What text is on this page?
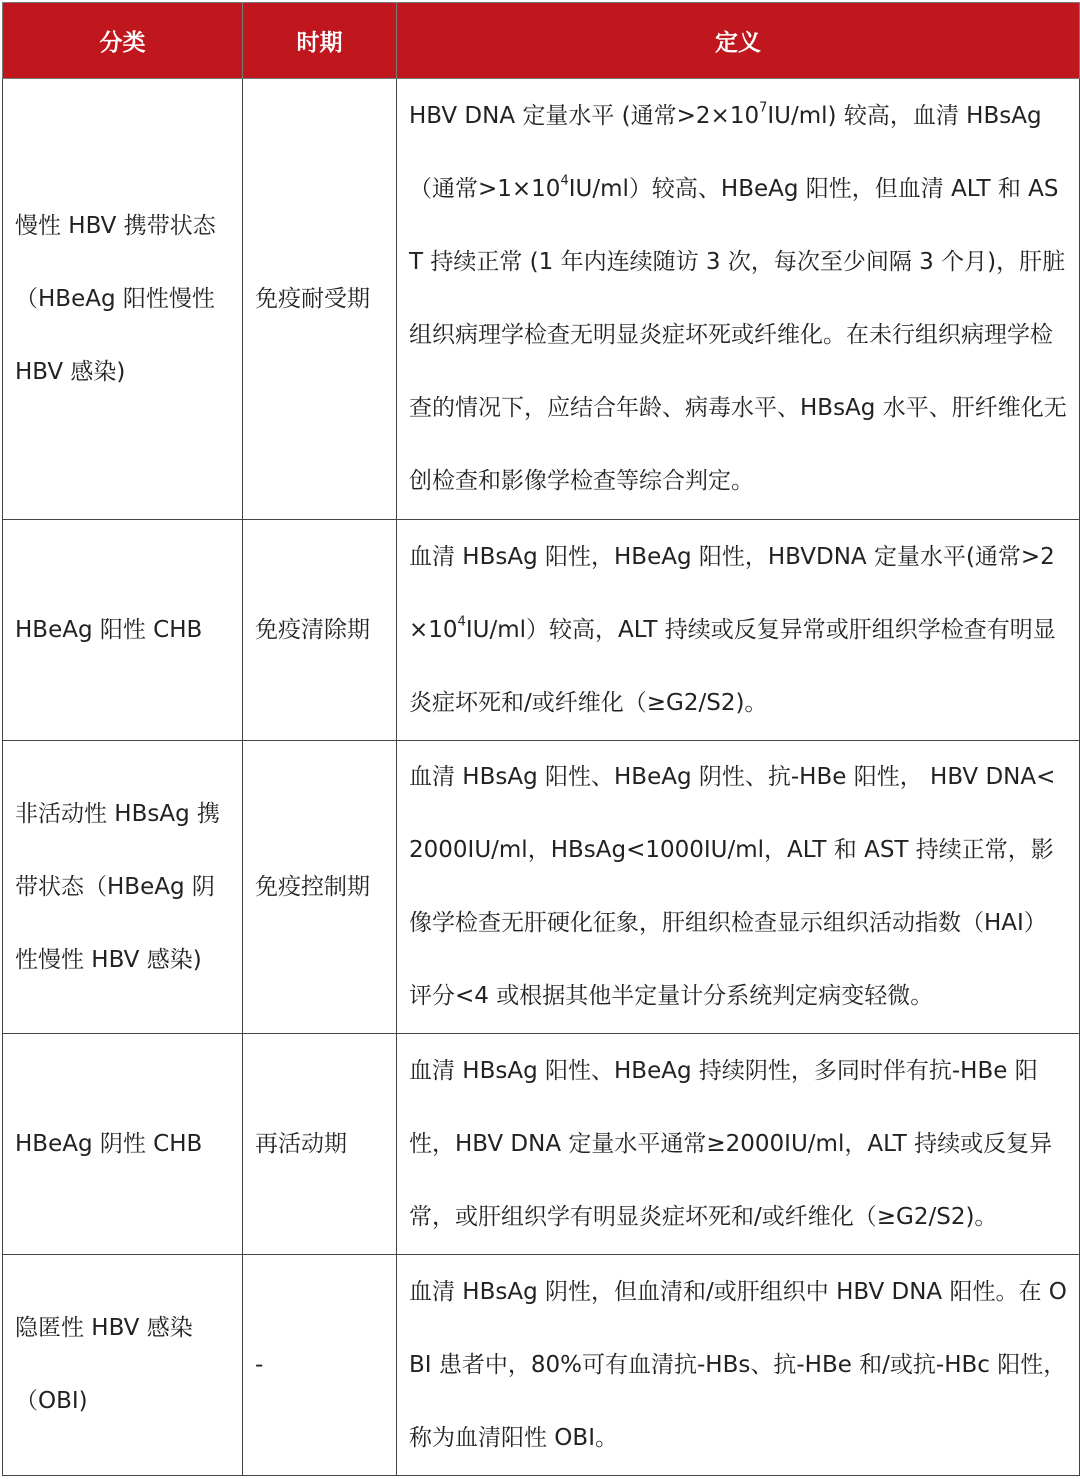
分类	时期	定义
慢性 HBV 携带状态（HBeAg 阳性慢性 HBV 感染)	免疫耐受期	HBV DNA 定量水平 (通常$>2\times 10^7IU/ml$) 较高，血清 HBsAg（通常$>1\times 10^4IU/ml$）较高、HBeAg 阳性，但血清 ALT 和 AST 持续正常 (1 年内连续随访 3 次，每次至少间隔 3 个月)，肝脏组织病理学检查无明显炎症坏死或纤维化。在未行组织病理学检查的情况下，应结合年龄、病毒水平、HBsAg 水平、肝纤维化无创检查和影像学检查等综合判定。
HBeAg 阳性 CHB	免疫清除期	血清 HBsAg 阳性，HBeAg 阳性，HBVDNA 定量水平(通常$>2\times 10^4IU/ml$）较高，ALT 持续或反复异常或肝组织学检查有明显炎症坏死和/或纤维化（≥G2/S2)。
非活动性 HBsAg 携带状态（HBeAg 阴性慢性 HBV 感染)	免疫控制期	血清 HBsAg 阳性、HBeAg 阴性、抗-HBe 阳性， HBV DNA<2000IU/ml，HBsAg<1000IU/ml，ALT 和 AST 持续正常，影像学检查无肝硬化征象，肝组织检查显示组织活动指数（HAI）评分<4 或根据其他半定量计分系统判定病变轻微。
HBeAg 阴性 CHB	再活动期	血清 HBsAg 阳性、HBeAg 持续阴性，多同时伴有抗-HBe 阳性，HBV DNA 定量水平通常≥2000IU/ml，ALT 持续或反复异常，或肝组织学有明显炎症坏死和/或纤维化（≥G2/S2)。
隐匿性 HBV 感染（OBI)	-	血清 HBsAg 阴性，但血清和/或肝组织中 HBV DNA 阳性。在 OBI 患者中，80%可有血清抗-HBs、抗-HBe 和/或抗-HBc 阳性，称为血清阳性 OBI。
